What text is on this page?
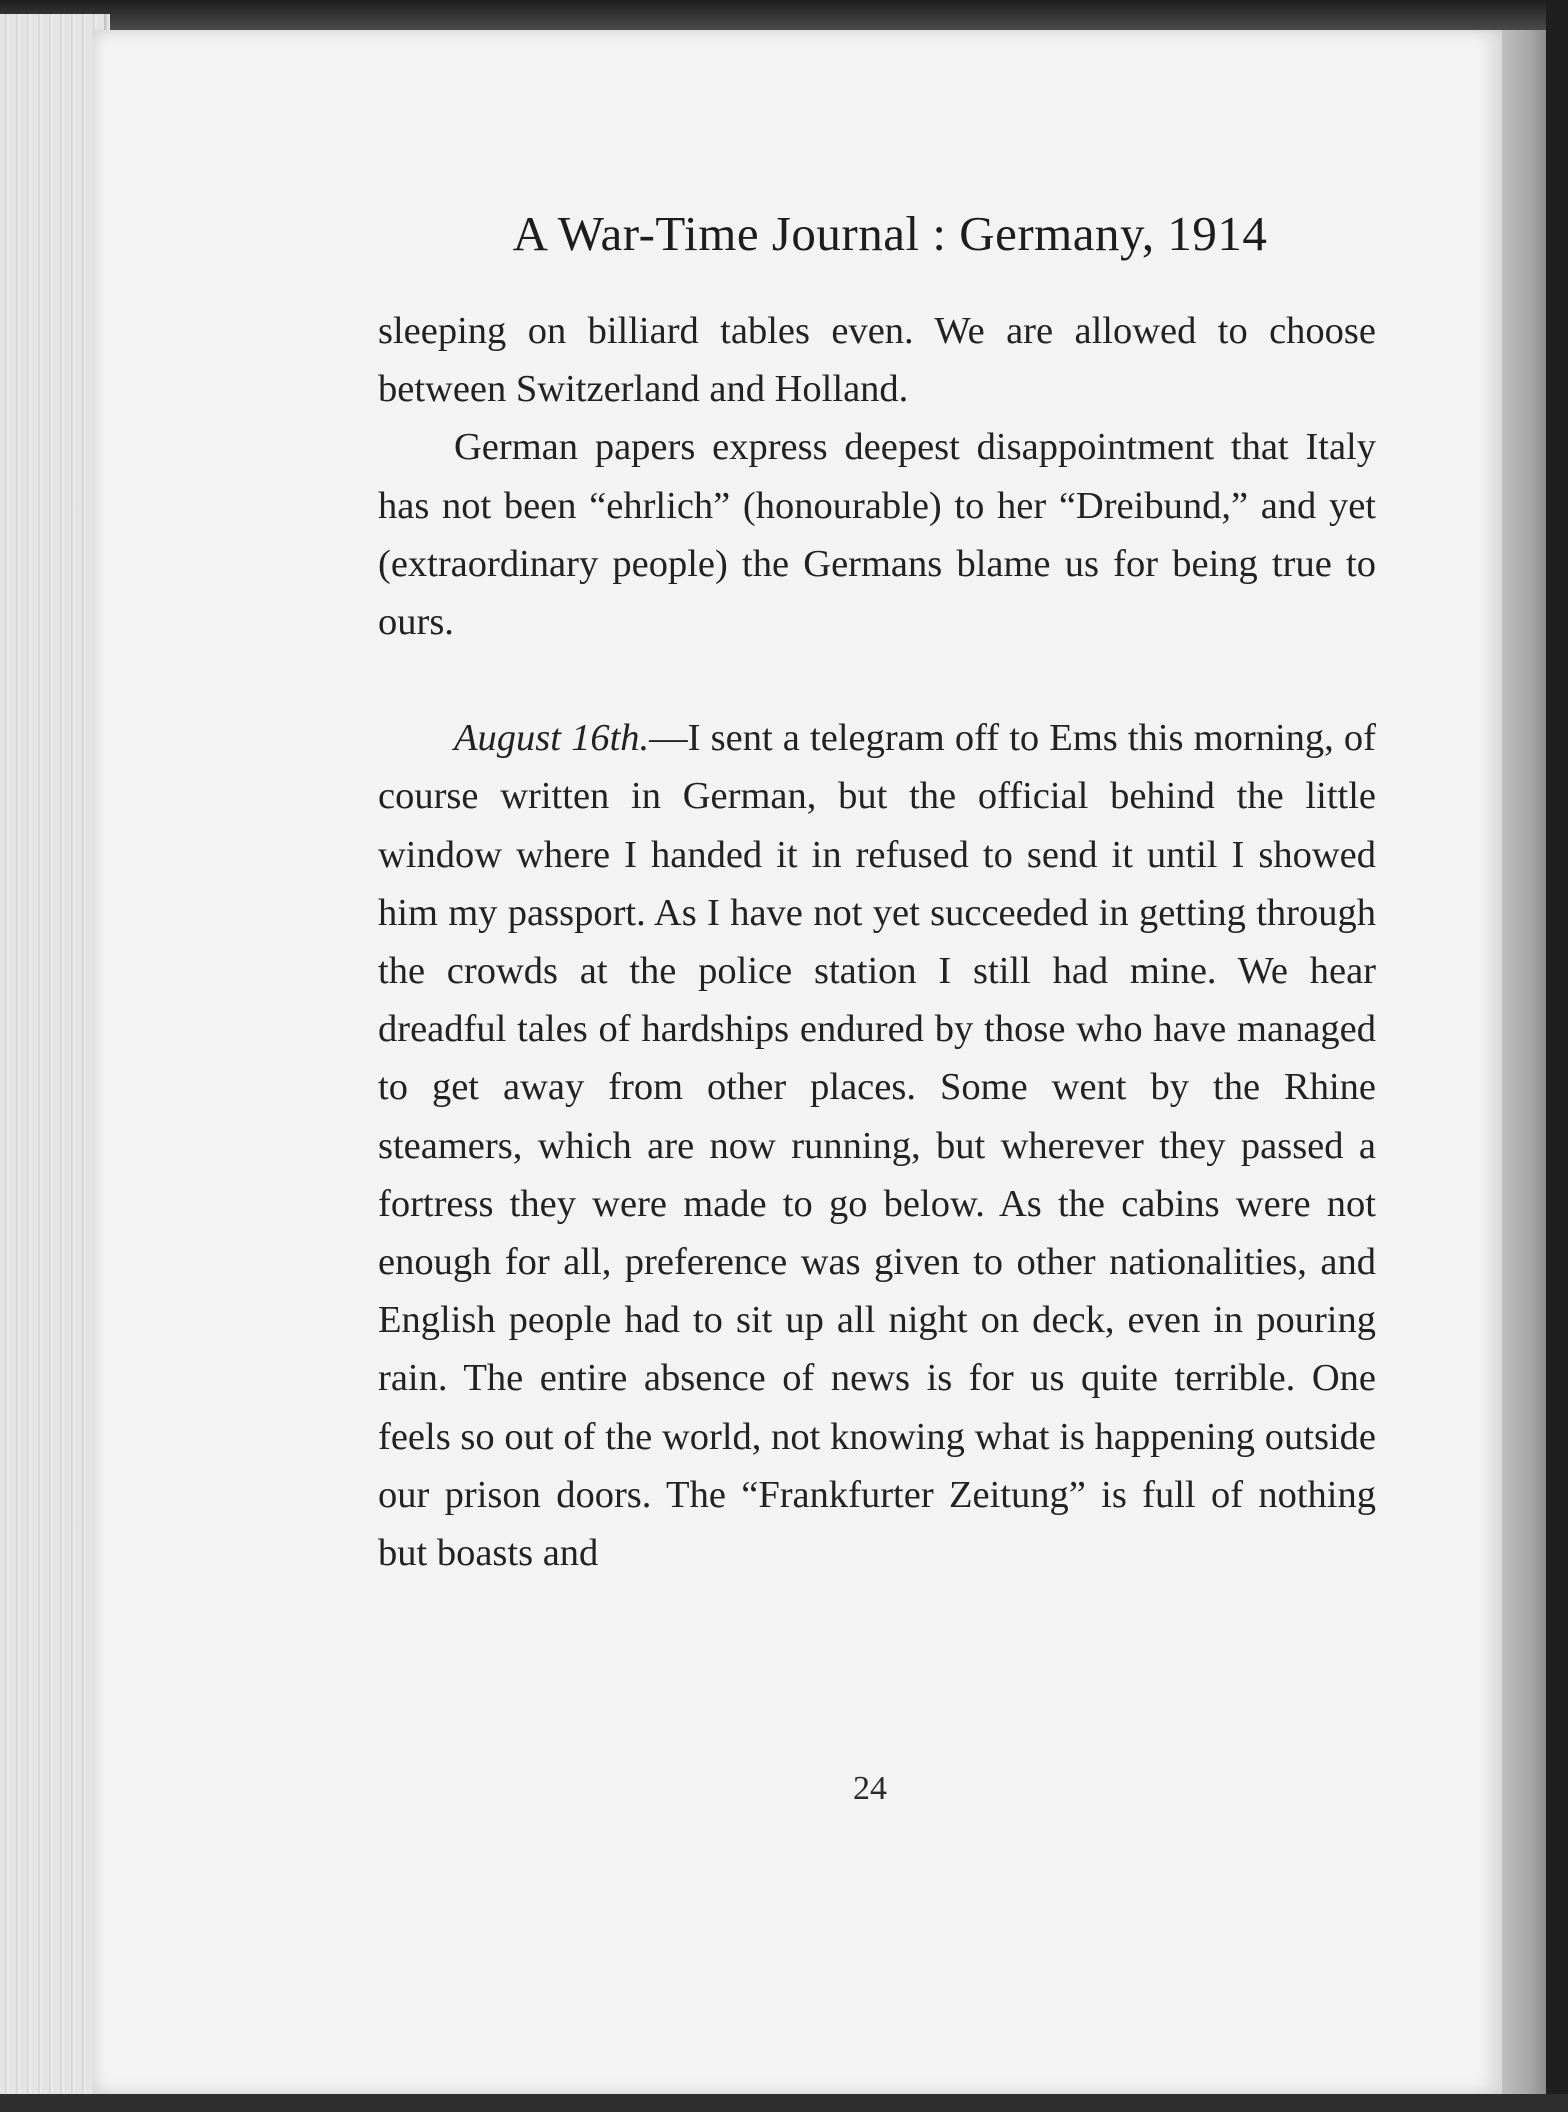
A War-Time Journal : Germany, 1914

sleeping on billiard tables even. We are allowed to choose between Switzerland and Holland.

German papers express deepest disappointment that Italy has not been “ehrlich” (honourable) to her “Dreibund,” and yet (extraordinary people) the Germans blame us for being true to ours.

August 16th.—I sent a telegram off to Ems this morning, of course written in German, but the official behind the little window where I handed it in refused to send it until I showed him my passport. As I have not yet succeeded in getting through the crowds at the police station I still had mine. We hear dreadful tales of hardships endured by those who have managed to get away from other places. Some went by the Rhine steamers, which are now running, but wherever they passed a fortress they were made to go below. As the cabins were not enough for all, preference was given to other nationalities, and English people had to sit up all night on deck, even in pouring rain. The entire absence of news is for us quite terrible. One feels so out of the world, not knowing what is happening outside our prison doors. The “Frankfurter Zeitung” is full of nothing but boasts and

24
